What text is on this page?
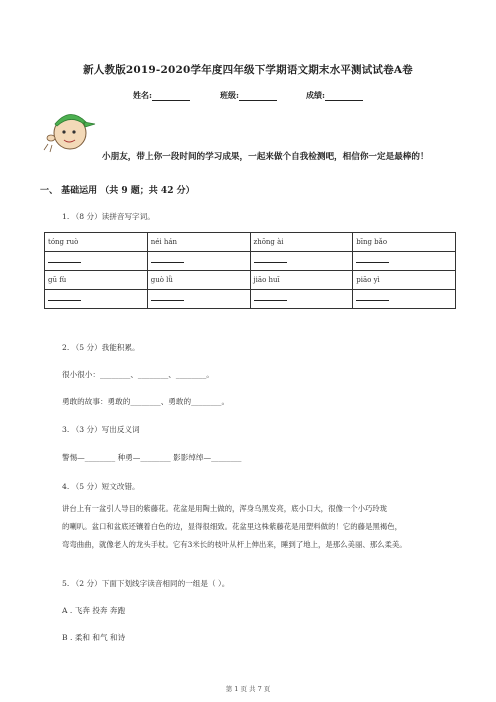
新人教版2019-2020学年度四年级下学期语文期末水平测试试卷A卷
姓名:	班级:	成绩:
小朋友，带上你一段时间的学习成果，一起来做个自我检测吧，相信你一定是最棒的！
一、 基础运用 （共 9 题；共 42 分）
1. （8 分）读拼音写字词。
tóng ruò	néi hán	zhōng ài	bīng bǎo

gū fù	guò lǜ	jiāo huī	piāo yì

2. （5 分）我能积累。
很小很小：________、________、________。
勇敢的故事：勇敢的________、勇敢的________。
3. （3 分）写出反义词
警惕—________ 种勇—________ 影影绰绰—________
4. （5 分）短文改错。
讲台上有一盆引人导目的紫藤花。花盆是用陶土做的，浑身乌黑发亮，底小口大，很像一个小巧玲珑
的喇叭。盆口和盆底还镶着白色的边，显得很细致。花盆里这株紫藤花是用塑料做的！它的藤是黑褐色，
弯弯曲曲，就像老人的龙头手杖。它有3米长的枝叶从杆上伸出来，睡到了地上，是那么美丽、那么柔美。
5. （2 分）下面下划线字读音相同的一组是（ ）。
A . 飞奔 投奔 奔跑
B . 柔和 和气 和诗
第 1 页 共 7 页
